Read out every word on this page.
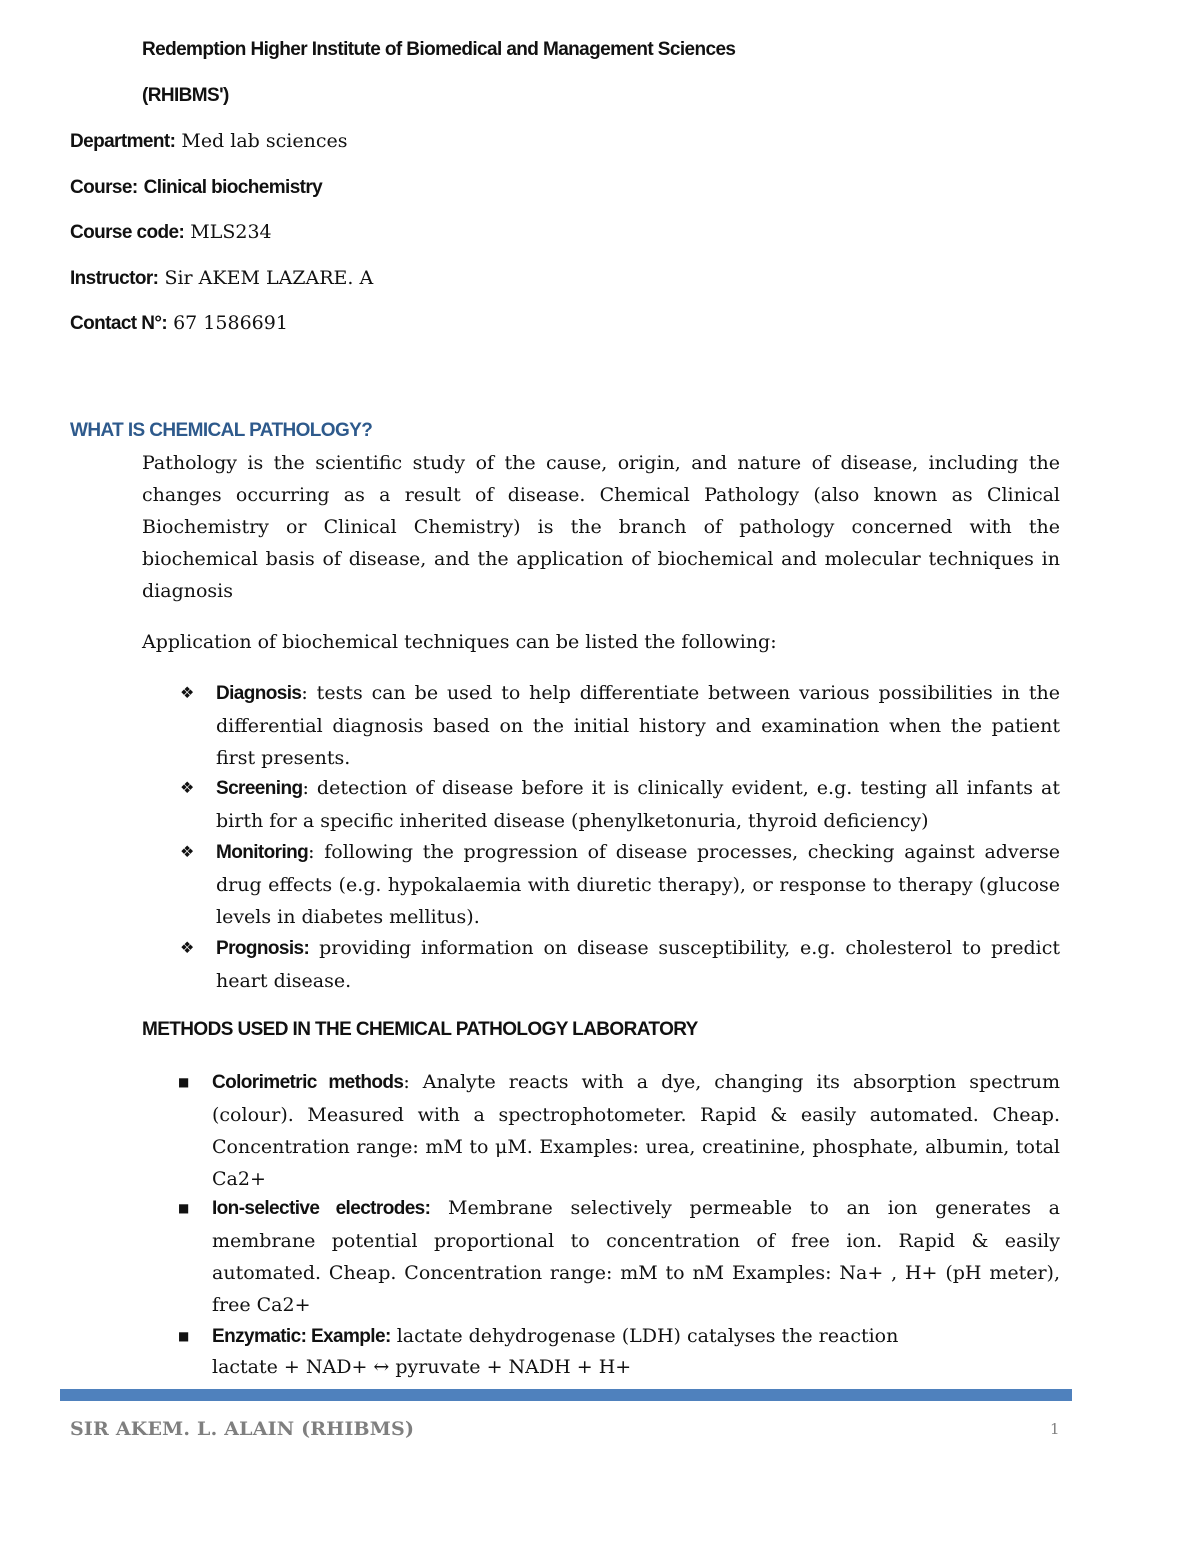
Redemption Higher Institute of Biomedical and Management Sciences
(RHIBMS')
Department: Med lab sciences
Course: Clinical biochemistry
Course code: MLS234
Instructor: Sir AKEM LAZARE. A
Contact N°: 67 1586691
WHAT IS CHEMICAL PATHOLOGY?
Pathology is the scientific study of the cause, origin, and nature of disease, including the changes occurring as a result of disease. Chemical Pathology (also known as Clinical Biochemistry or Clinical Chemistry) is the branch of pathology concerned with the biochemical basis of disease, and the application of biochemical and molecular techniques in diagnosis
Application of biochemical techniques can be listed the following:
❖ Diagnosis: tests can be used to help differentiate between various possibilities in the differential diagnosis based on the initial history and examination when the patient first presents.
❖ Screening: detection of disease before it is clinically evident, e.g. testing all infants at birth for a specific inherited disease (phenylketonuria, thyroid deficiency)
❖ Monitoring: following the progression of disease processes, checking against adverse drug effects (e.g. hypokalaemia with diuretic therapy), or response to therapy (glucose levels in diabetes mellitus).
❖ Prognosis: providing information on disease susceptibility, e.g. cholesterol to predict heart disease.
METHODS USED IN THE CHEMICAL PATHOLOGY LABORATORY
■ Colorimetric methods: Analyte reacts with a dye, changing its absorption spectrum (colour). Measured with a spectrophotometer. Rapid & easily automated. Cheap. Concentration range: mM to μM. Examples: urea, creatinine, phosphate, albumin, total Ca2+
■ Ion-selective electrodes: Membrane selectively permeable to an ion generates a membrane potential proportional to concentration of free ion. Rapid & easily automated. Cheap. Concentration range: mM to nM Examples: Na+ , H+ (pH meter), free Ca2+
■ Enzymatic: Example: lactate dehydrogenase (LDH) catalyses the reaction
lactate + NAD+ ↔ pyruvate + NADH + H+
SIR AKEM. L. ALAIN (RHIBMS)	1
